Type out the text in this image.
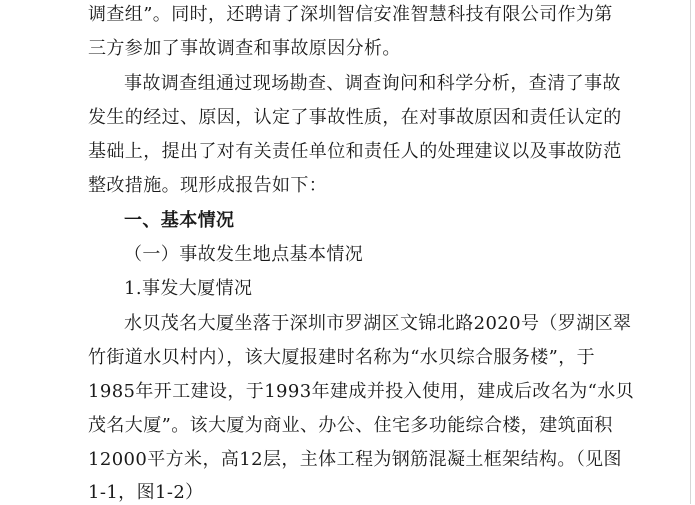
调查组”。同时，还聘请了深圳智信安准智慧科技有限公司作为第
三方参加了事故调查和事故原因分析。
事故调查组通过现场勘查、调查询问和科学分析，查清了事故
发生的经过、原因，认定了事故性质，在对事故原因和责任认定的
基础上，提出了对有关责任单位和责任人的处理建议以及事故防范
整改措施。现形成报告如下：
一、基本情况
（一）事故发生地点基本情况
1.事发大厦情况
水贝茂名大厦坐落于深圳市罗湖区文锦北路2020号（罗湖区翠
竹街道水贝村内），该大厦报建时名称为“水贝综合服务楼”，于
1985年开工建设，于1993年建成并投入使用，建成后改名为“水贝
茂名大厦”。该大厦为商业、办公、住宅多功能综合楼，建筑面积
12000平方米，高12层，主体工程为钢筋混凝土框架结构。（见图
1-1，图1-2）
